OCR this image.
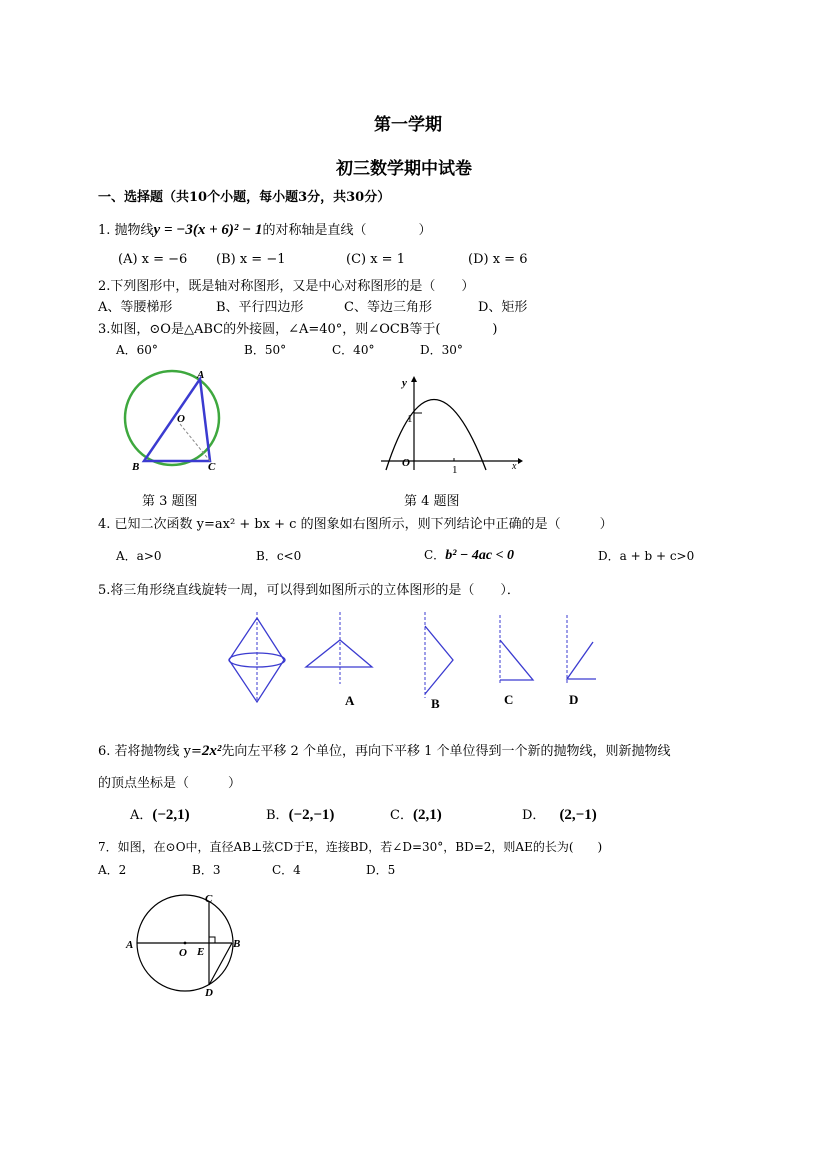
第一学期
初三数学期中试卷
一、选择题（共10个小题，每小题3分，共30分）
1. 抛物线y = −3(x + 6)² − 1的对称轴是直线（　　　　）
(A) x = −6 (B) x = −1	(C) x = 1	(D) x = 6
2.下列图形中，既是轴对称图形，又是中心对称图形的是（　　）
A、等腰梯形	B、平行四边形	C、等边三角形	D、矩形
3.如图，⊙O是△ABC的外接圆，∠A=40°，则∠OCB等于(　　　　)
A．60°	B．50°	C．40°	D．30°
A
O
B	C
y
x
O
1
1
第 3 题图	第 4 题图
4. 已知二次函数 y=ax² + bx + c 的图象如右图所示，则下列结论中正确的是（　　　）
A．a>0	B．c<0	C．b² − 4ac < 0	D．a + b + c>0
5.将三角形绕直线旋转一周，可以得到如图所示的立体图形的是（　　）．
A	B	C	D
6. 若将抛物线 y=2x²先向左平移 2 个单位，再向下平移 1 个单位得到一个新的抛物线，则新抛物线
的顶点坐标是（　　　）
A．(−2,1)	B．(−2,−1)	C．(2,1)	D． (2,−1)
7．如图，在⊙O中，直径AB⊥弦CD于E，连接BD，若∠D=30°，BD=2，则AE的长为(　　)
A．2	B．3	C．4	D．5
A	B
C
D
E
O
